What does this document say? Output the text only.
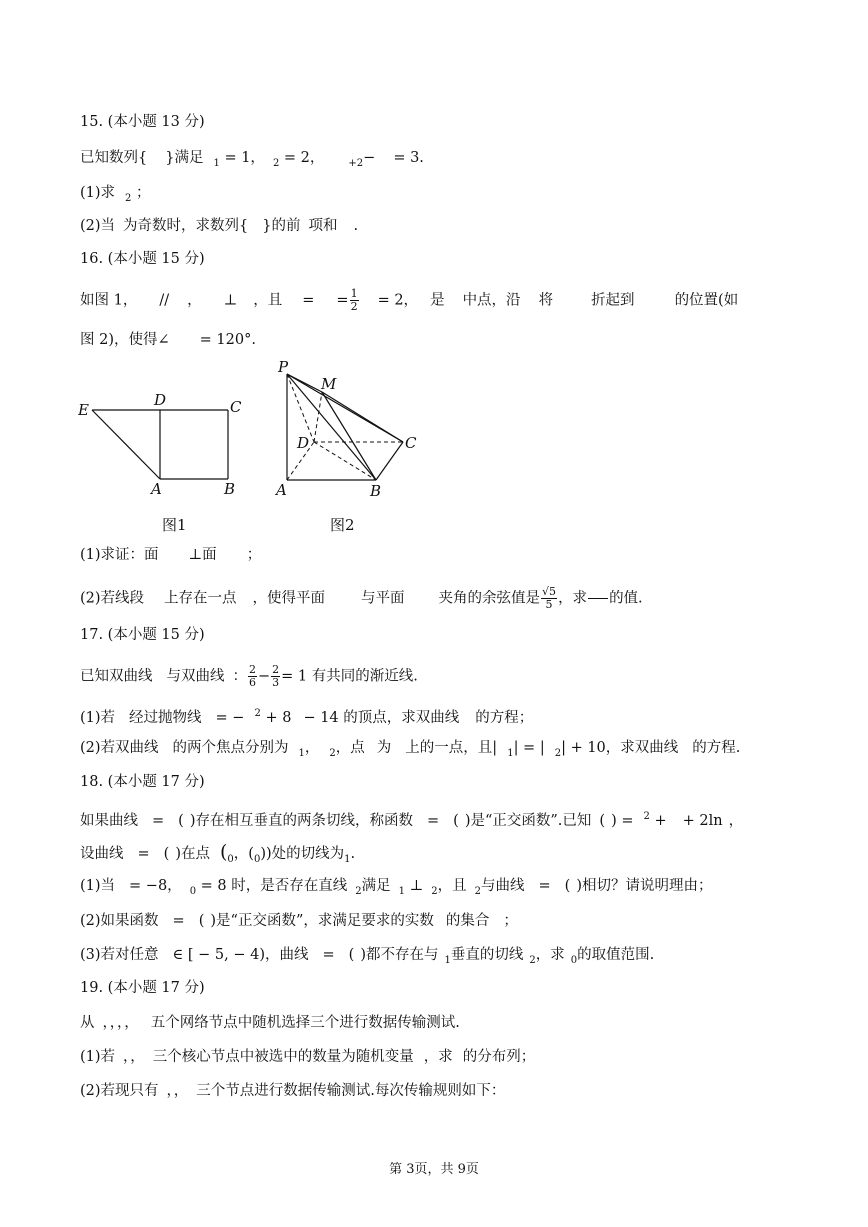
15. (本小题 13 分)
已知数列{ }满足 $_1$ = 1， $_2$ = 2， $_{+2}$− = 3.
(1)求 $_2$ ；
(2)当 为奇数时，求数列{ }的前 项和 .
16. (本小题 15 分)
如图 1， // ， ⊥ ，且 = = $\frac{1}{2} = 2$， 是 中点，沿 将	折起到	的位置(如
图 2)，使得∠ = 120°.
E
D	C
A	B
图1
P
M
D	C
A	B
图2
(1)求证：面 ⊥面 ；
(2)若线段 上存在一点 ，使得平面 与平面 夹角的余弦值是 $\frac{√5}{5}$ ，求 的值.
17. (本小题 15 分)
已知双曲线 与双曲线 ： $\frac{2}{6} - \frac{2}{3} = 1$ 有共同的渐近线.
(1)若 经过抛物线 = − $^2$ + 8 − 14 的顶点，求双曲线 的方程；
(2)若双曲线 的两个焦点分别为 $_1$， $_2$，点 为 上的一点，且| $_1$| = | $_2$| + 10，求双曲线 的方程.
18. (本小题 17 分)
如果曲线 = ( )存在相互垂直的两条切线，称函数 = ( )是“正交函数”.已知 ( ) = $^2$ + + 2ln ，
设曲线 = ( )在点 ($_0$，$(_0)$)处的切线为$_1$.
(1)当 = −8， $_0$ = 8 时，是否存在直线 $_2$满足 $_1$ ⊥ $_2$，且 $_2$与曲线 = ( )相切？请说明理由；
(2)如果函数 = ( )是“正交函数”，求满足要求的实数 的集合 ；
(3)若对任意 ∈ [ − 5, − 4)，曲线 = ( )都不存在与 $_1$垂直的切线 $_2$，求 $_0$的取值范围.
19. (本小题 17 分)
从 ，，，， 五个网络节点中随机选择三个进行数据传输测试.
(1)若 ，， 三个核心节点中被选中的数量为随机变量 ，求 的分布列；
(2)若现只有 ，， 三个节点进行数据传输测试.每次传输规则如下：
第 3页，共 9页
